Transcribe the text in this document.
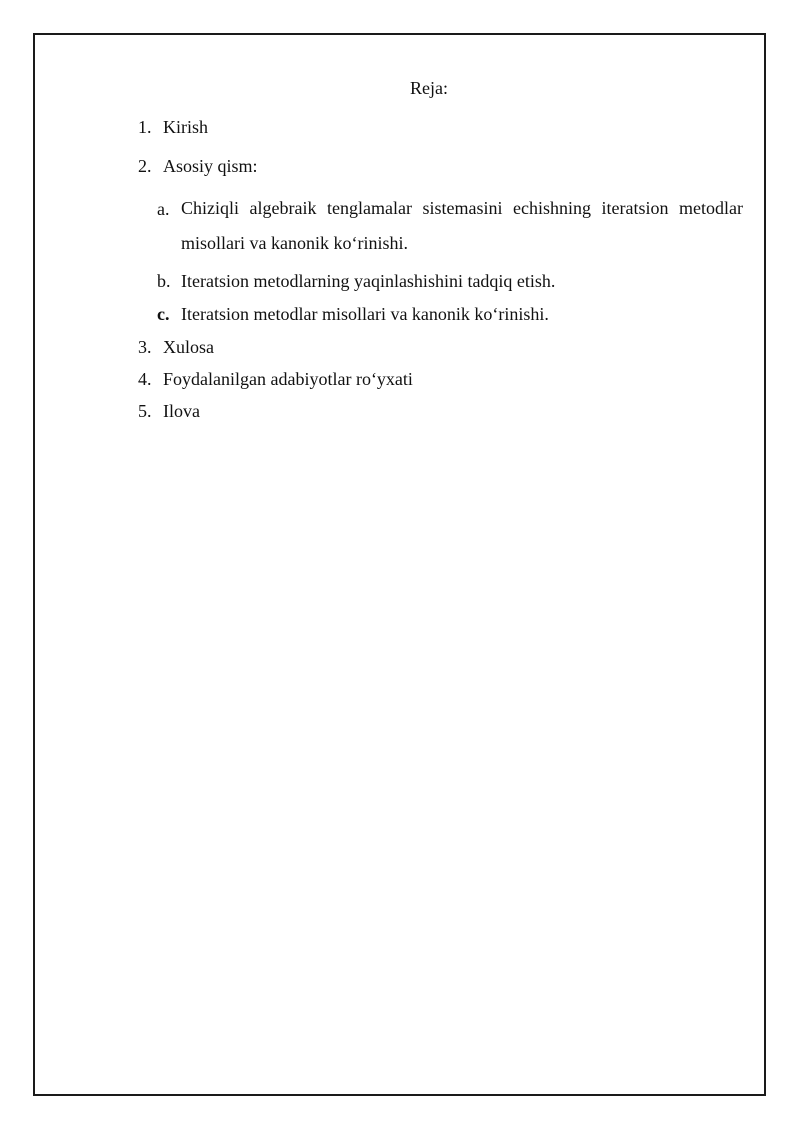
Reja:
1. Kirish
2. Asosiy qism:
a. Chiziqli algebraik tenglamalar sistemasini echishning iteratsion metodlar
misollari va kanonik ko‘rinishi.
b. Iteratsion metodlarning yaqinlashishini tadqiq etish.
c. Iteratsion metodlar misollari va kanonik ko‘rinishi.
3. Xulosa
4. Foydalanilgan adabiyotlar ro‘yxati
5. Ilova
